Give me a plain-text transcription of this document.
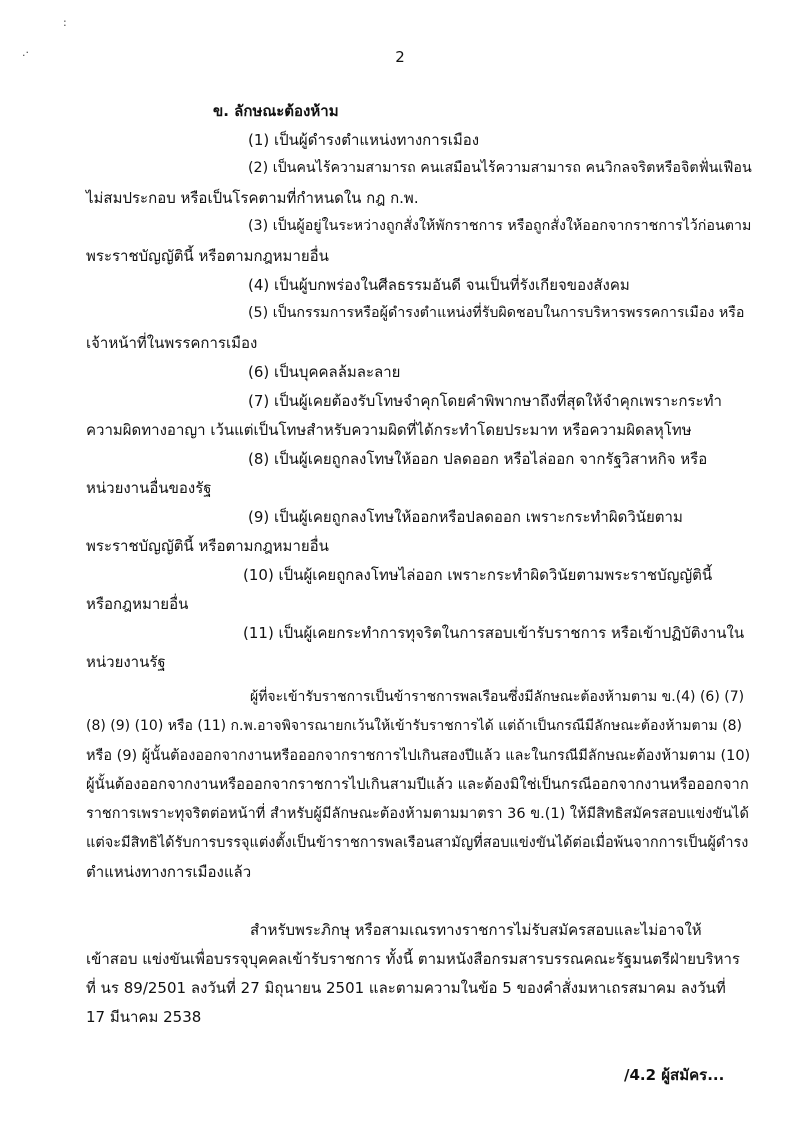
:
.·	2
ข. ลักษณะต้องห้าม
(1) เป็นผู้ดำรงตำแหน่งทางการเมือง
(2) เป็นคนไร้ความสามารถ คนเสมือนไร้ความสามารถ คนวิกลจริตหรือจิตฟั่นเฟือน
ไม่สมประกอบ หรือเป็นโรคตามที่กำหนดใน กฎ ก.พ.
(3) เป็นผู้อยู่ในระหว่างถูกสั่งให้พักราชการ หรือถูกสั่งให้ออกจากราชการไว้ก่อนตาม
พระราชบัญญัตินี้ หรือตามกฎหมายอื่น
(4) เป็นผู้บกพร่องในศีลธรรมอันดี จนเป็นที่รังเกียจของสังคม
(5) เป็นกรรมการหรือผู้ดำรงตำแหน่งที่รับผิดชอบในการบริหารพรรคการเมือง หรือ
เจ้าหน้าที่ในพรรคการเมือง
(6) เป็นบุคคลล้มละลาย
(7) เป็นผู้เคยต้องรับโทษจำคุกโดยคำพิพากษาถึงที่สุดให้จำคุกเพราะกระทำ
ความผิดทางอาญา เว้นแต่เป็นโทษสำหรับความผิดที่ได้กระทำโดยประมาท หรือความผิดลหุโทษ
(8) เป็นผู้เคยถูกลงโทษให้ออก ปลดออก หรือไล่ออก จากรัฐวิสาหกิจ หรือ
หน่วยงานอื่นของรัฐ
(9) เป็นผู้เคยถูกลงโทษให้ออกหรือปลดออก เพราะกระทำผิดวินัยตาม
พระราชบัญญัตินี้ หรือตามกฎหมายอื่น
(10) เป็นผู้เคยถูกลงโทษไล่ออก เพราะกระทำผิดวินัยตามพระราชบัญญัตินี้
หรือกฎหมายอื่น
(11) เป็นผู้เคยกระทำการทุจริตในการสอบเข้ารับราชการ หรือเข้าปฏิบัติงานใน
หน่วยงานรัฐ
ผู้ที่จะเข้ารับราชการเป็นข้าราชการพลเรือนซึ่งมีลักษณะต้องห้ามตาม ข.(4) (6) (7)
(8) (9) (10) หรือ (11) ก.พ.อาจพิจารณายกเว้นให้เข้ารับราชการได้ แต่ถ้าเป็นกรณีมีลักษณะต้องห้ามตาม (8)
หรือ (9) ผู้นั้นต้องออกจากงานหรือออกจากราชการไปเกินสองปีแล้ว และในกรณีมีลักษณะต้องห้ามตาม (10)
ผู้นั้นต้องออกจากงานหรือออกจากราชการไปเกินสามปีแล้ว และต้องมิใช่เป็นกรณีออกจากงานหรือออกจาก
ราชการเพราะทุจริตต่อหน้าที่ สำหรับผู้มีลักษณะต้องห้ามตามมาตรา 36 ข.(1) ให้มีสิทธิสมัครสอบแข่งขันได้
แต่จะมีสิทธิได้รับการบรรจุแต่งตั้งเป็นข้าราชการพลเรือนสามัญที่สอบแข่งขันได้ต่อเมื่อพ้นจากการเป็นผู้ดำรง
ตำแหน่งทางการเมืองแล้ว
สำหรับพระภิกษุ หรือสามเณรทางราชการไม่รับสมัครสอบและไม่อาจให้
เข้าสอบ แข่งขันเพื่อบรรจุบุคคลเข้ารับราชการ ทั้งนี้ ตามหนังสือกรมสารบรรณคณะรัฐมนตรีฝ่ายบริหาร
ที่ นร 89/2501 ลงวันที่ 27 มิถุนายน 2501 และตามความในข้อ 5 ของคำสั่งมหาเถรสมาคม ลงวันที่
17 มีนาคม 2538
/4.2 ผู้สมัคร...
